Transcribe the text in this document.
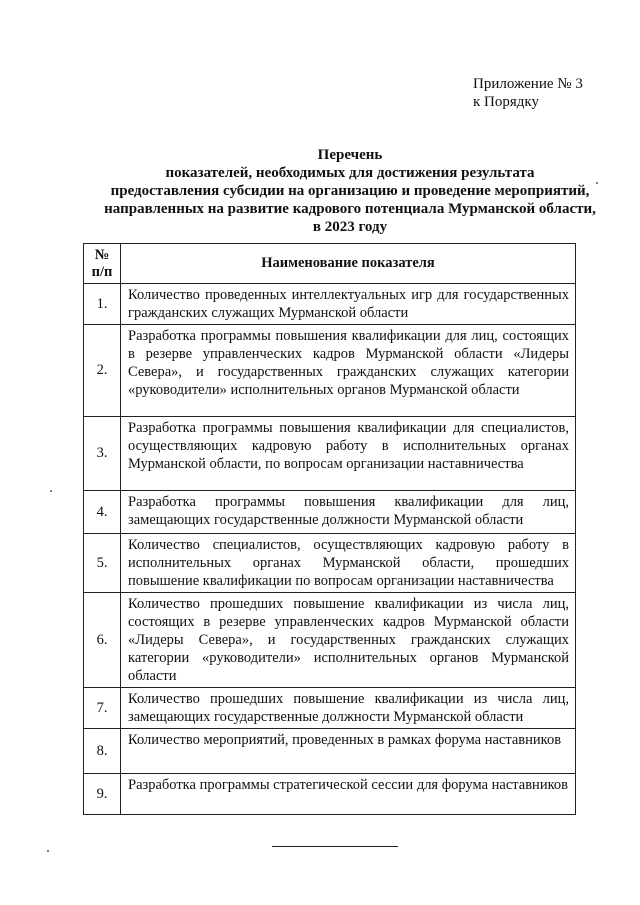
Приложение № 3
к Порядку
Перечень
показателей, необходимых для достижения результата
предоставления субсидии на организацию и проведение мероприятий,
направленных на развитие кадрового потенциала Мурманской области,
в 2023 году
№
п/п	Наименование показателя
1.	Количество проведенных интеллектуальных игр для государственных гражданских служащих Мурманской области
2.	Разработка программы повышения квалификации для лиц, состоящих в резерве управленческих кадров Мурманской области «Лидеры Севера», и государственных гражданских служащих категории «руководители» исполнительных органов Мурманской области
3.	Разработка программы повышения квалификации для специалистов, осуществляющих кадровую работу в исполнительных органах Мурманской области, по вопросам организации наставничества
4.	Разработка программы повышения квалификации для лиц, замещающих государственные должности Мурманской области
5.	Количество специалистов, осуществляющих кадровую работу в исполнительных органах Мурманской области, прошедших повышение квалификации по вопросам организации наставничества
6.	Количество прошедших повышение квалификации из числа лиц, состоящих в резерве управленческих кадров Мурманской области «Лидеры Севера», и государственных гражданских служащих категории «руководители» исполнительных органов Мурманской области
7.	Количество прошедших повышение квалификации из числа лиц, замещающих государственные должности Мурманской области
8.	Количество мероприятий, проведенных в рамках форума наставников
9.	Разработка программы стратегической сессии для форума наставников
